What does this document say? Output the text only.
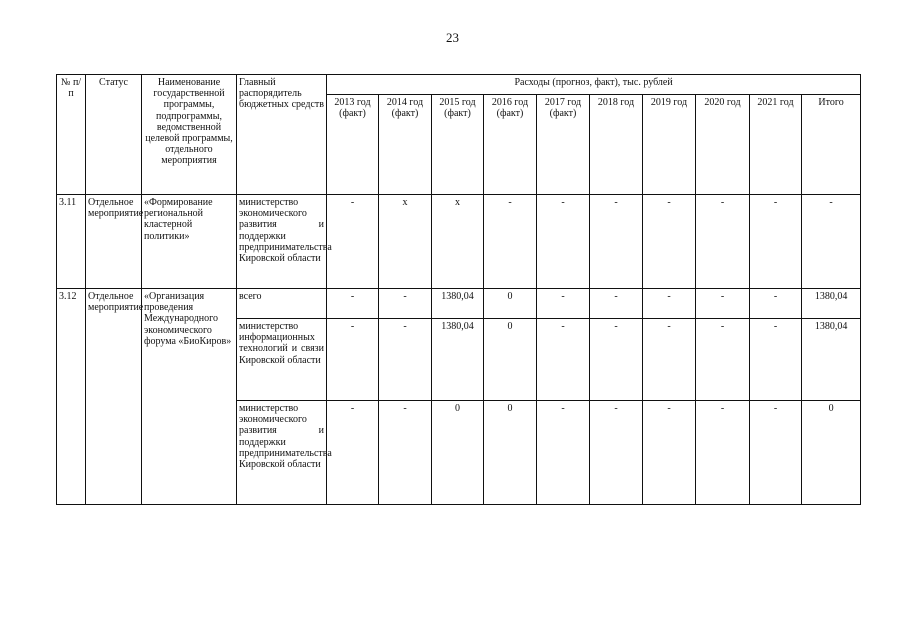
23
№ п/п	Статус	Наименование государственной программы, подпрограммы, ведомственной целевой программы, отдельного мероприятия	Главный распорядитель бюджетных средств	Расходы (прогноз, факт), тыс. рублей									
				2013 год (факт)	2014 год (факт)	2015 год (факт)	2016 год (факт)	2017 год (факт)	2018 год	2019 год	2020 год	2021 год	Итого
3.11	Отдельное мероприятие	«Формирование региональной кластерной политики»	министерство экономического развития и поддержки предпринимательства Кировской области	-	х	х	-	-	-	-	-	-	-
3.12	Отдельное мероприятие	«Организация проведения Международного экономического форума «БиоКиров»	всего	-	-	1380,04	0	-	-	-	-	-	1380,04
			министерство информационных технологий и связи Кировской области	-	-	1380,04	0	-	-	-	-	-	1380,04
			министерство экономического развития и поддержки предпринимательства Кировской области	-	-	0	0	-	-	-	-	-	0
